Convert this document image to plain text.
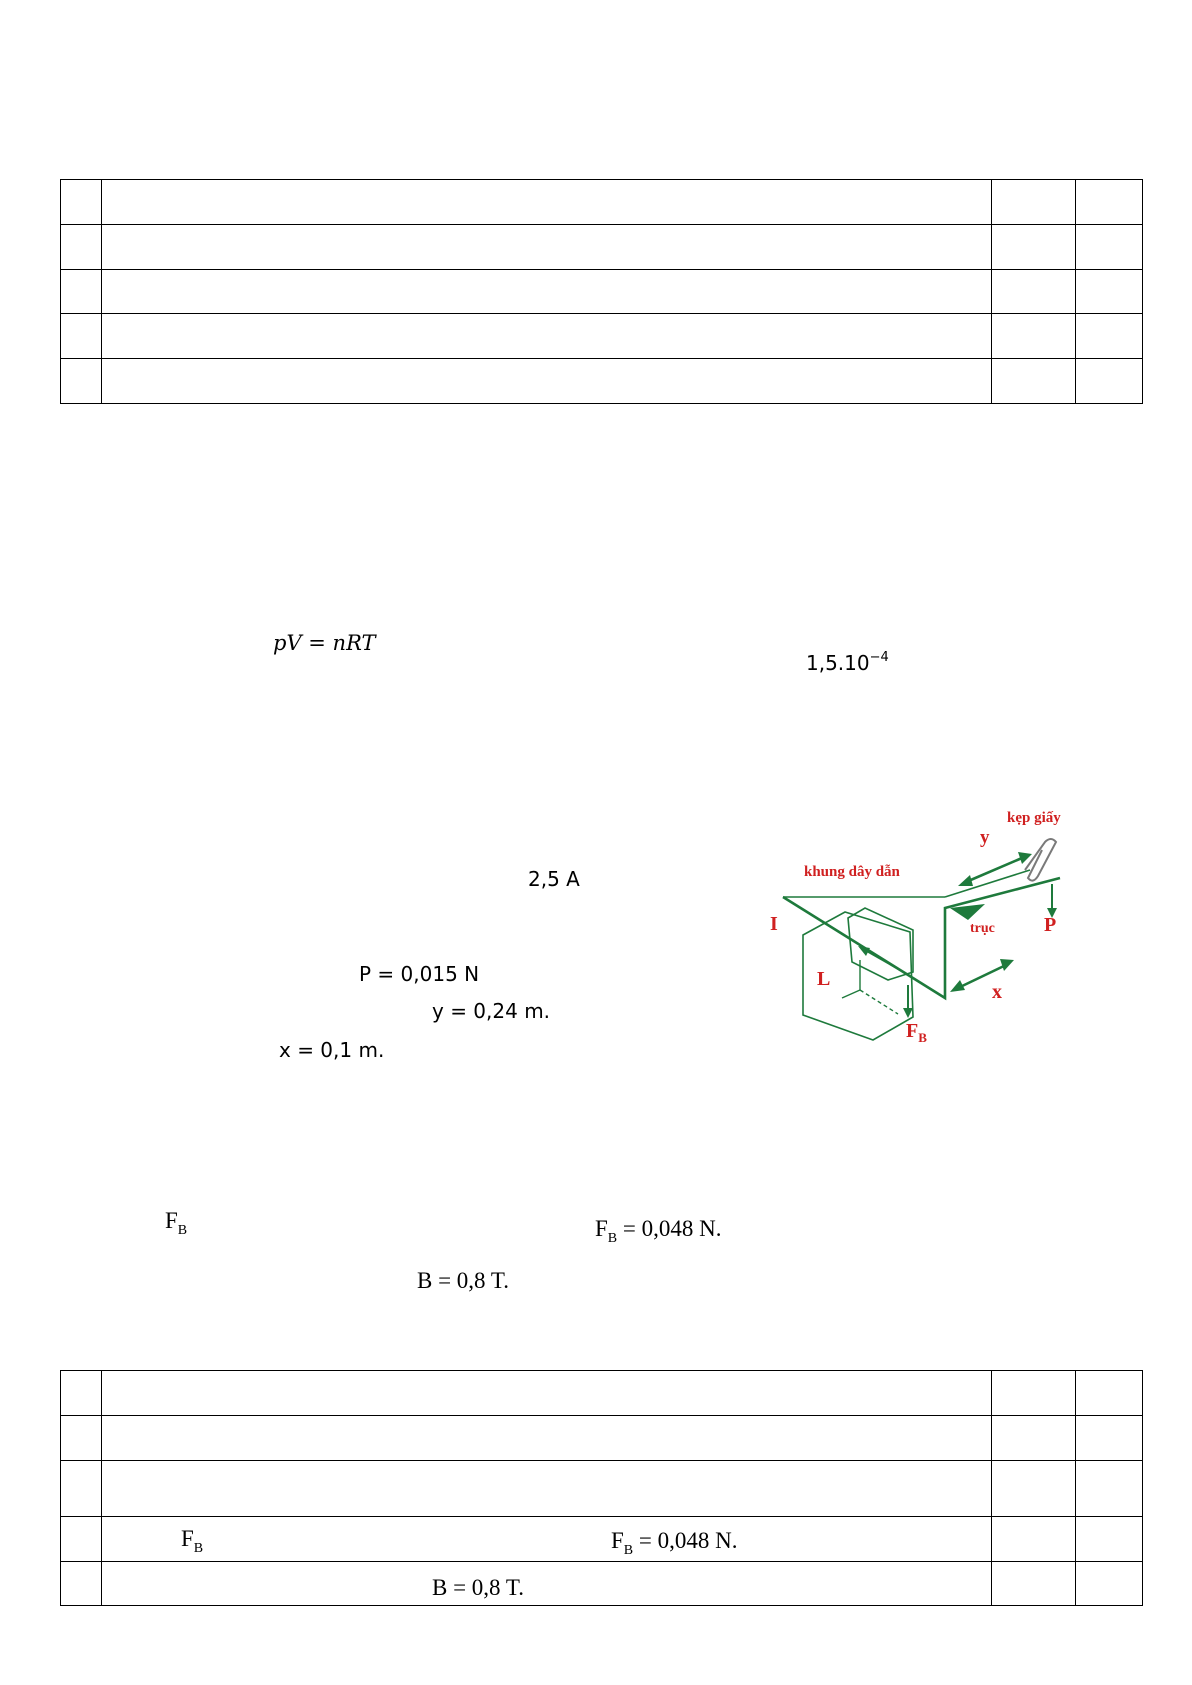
pV = nRT
$1,5.10^{-4}$
2,5 A
P = 0,015 N
y = 0,24 m.
x = 0,1 m.
$F_B$	$F_B = 0,048$ N.
B = 0,8 T.
kẹp giấy
y
khung dây dẫn
trục P
I
L
x
$F_B$

$F_B$	$F_B = 0,048$ N.
B = 0,8 T.
